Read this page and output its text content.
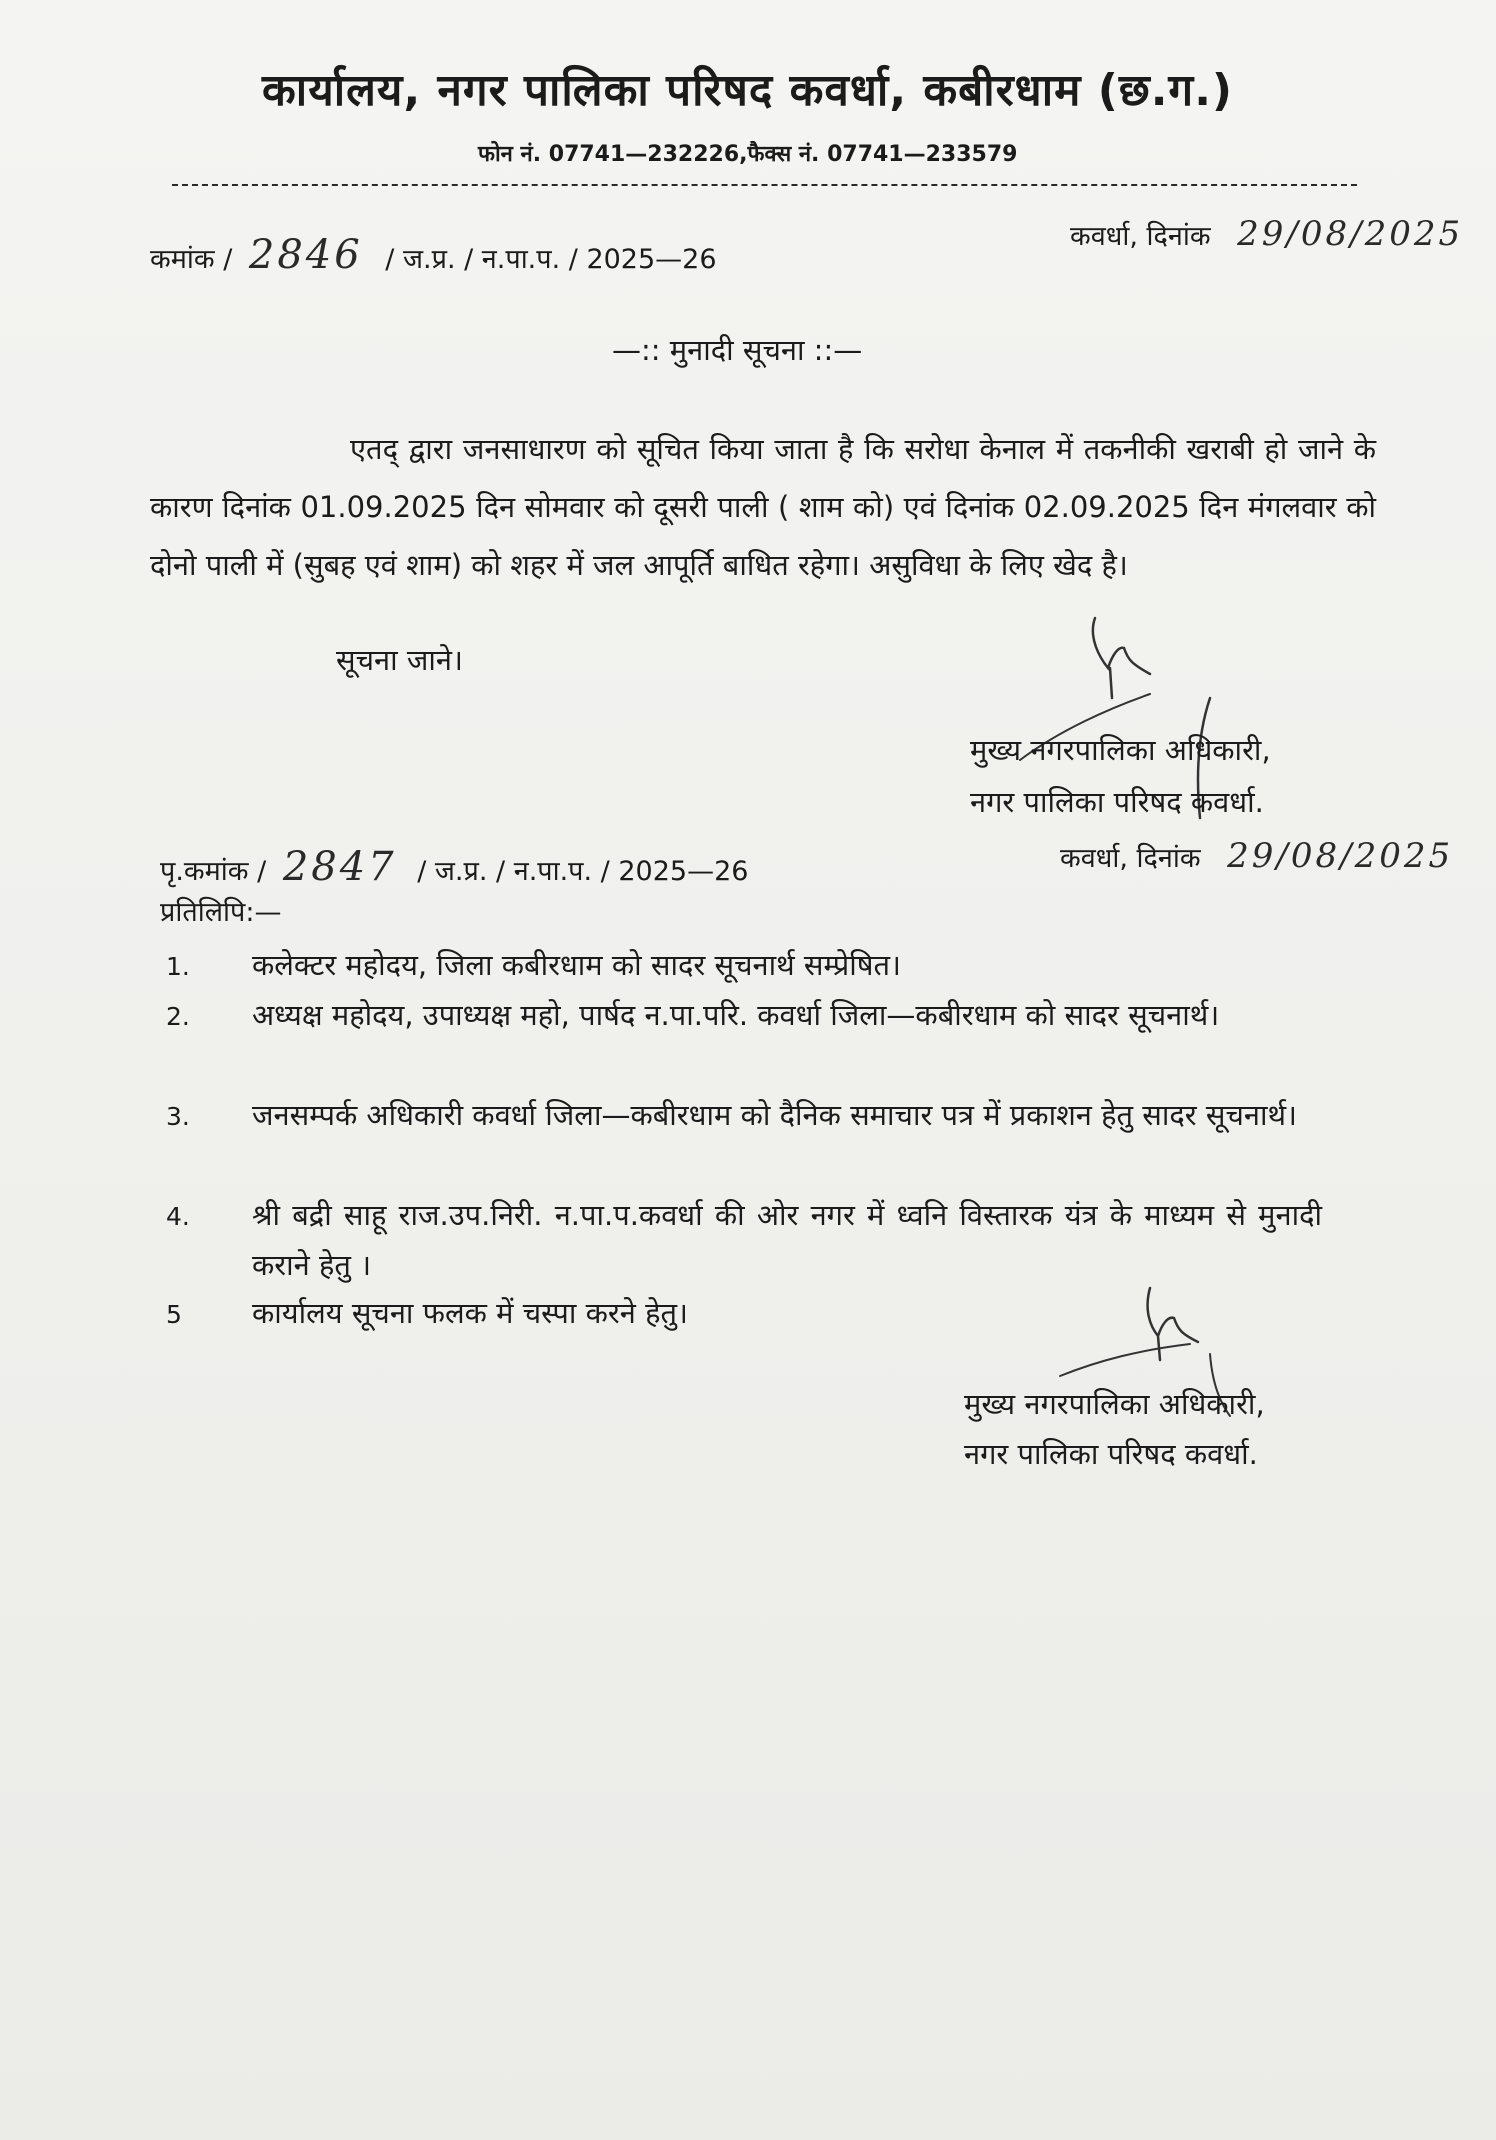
कार्यालय, नगर पालिका परिषद कवर्धा, कबीरधाम (छ.ग.)
फोन नं. 07741—232226,फैक्स नं. 07741—233579
कमांक / 2846 / ज.प्र. / न.पा.प. / 2025—26
कवर्धा, दिनांक 29/08/2025
—:: मुनादी सूचना ::—
एतद् द्वारा जनसाधारण को सूचित किया जाता है कि सरोधा केनाल में तकनीकी खराबी हो जाने के कारण दिनांक 01.09.2025 दिन सोमवार को दूसरी पाली ( शाम को) एवं दिनांक 02.09.2025 दिन मंगलवार को दोनो पाली में (सुबह एवं शाम) को शहर में जल आपूर्ति बाधित रहेगा। असुविधा के लिए खेद है।
सूचना जाने।
मुख्य नगरपालिका अधिकारी,
नगर पालिका परिषद कवर्धा.
पृ.कमांक / 2847 / ज.प्र. / न.पा.प. / 2025—26	कवर्धा, दिनांक 29/08/2025
प्रतिलिपि:—
1. कलेक्टर महोदय, जिला कबीरधाम को सादर सूचनार्थ सम्प्रेषित।
2. अध्यक्ष महोदय, उपाध्यक्ष महो, पार्षद न.पा.परि. कवर्धा जिला—कबीरधाम को सादर सूचनार्थ।
3. जनसम्पर्क अधिकारी कवर्धा जिला—कबीरधाम को दैनिक समाचार पत्र में प्रकाशन हेतु सादर सूचनार्थ।
4. श्री बद्री साहू राज.उप.निरी. न.पा.प.कवर्धा की ओर नगर में ध्वनि विस्तारक यंत्र के माध्यम से मुनादी कराने हेतु ।
5 कार्यालय सूचना फलक में चस्पा करने हेतु।
मुख्य नगरपालिका अधिकारी,
नगर पालिका परिषद कवर्धा.
